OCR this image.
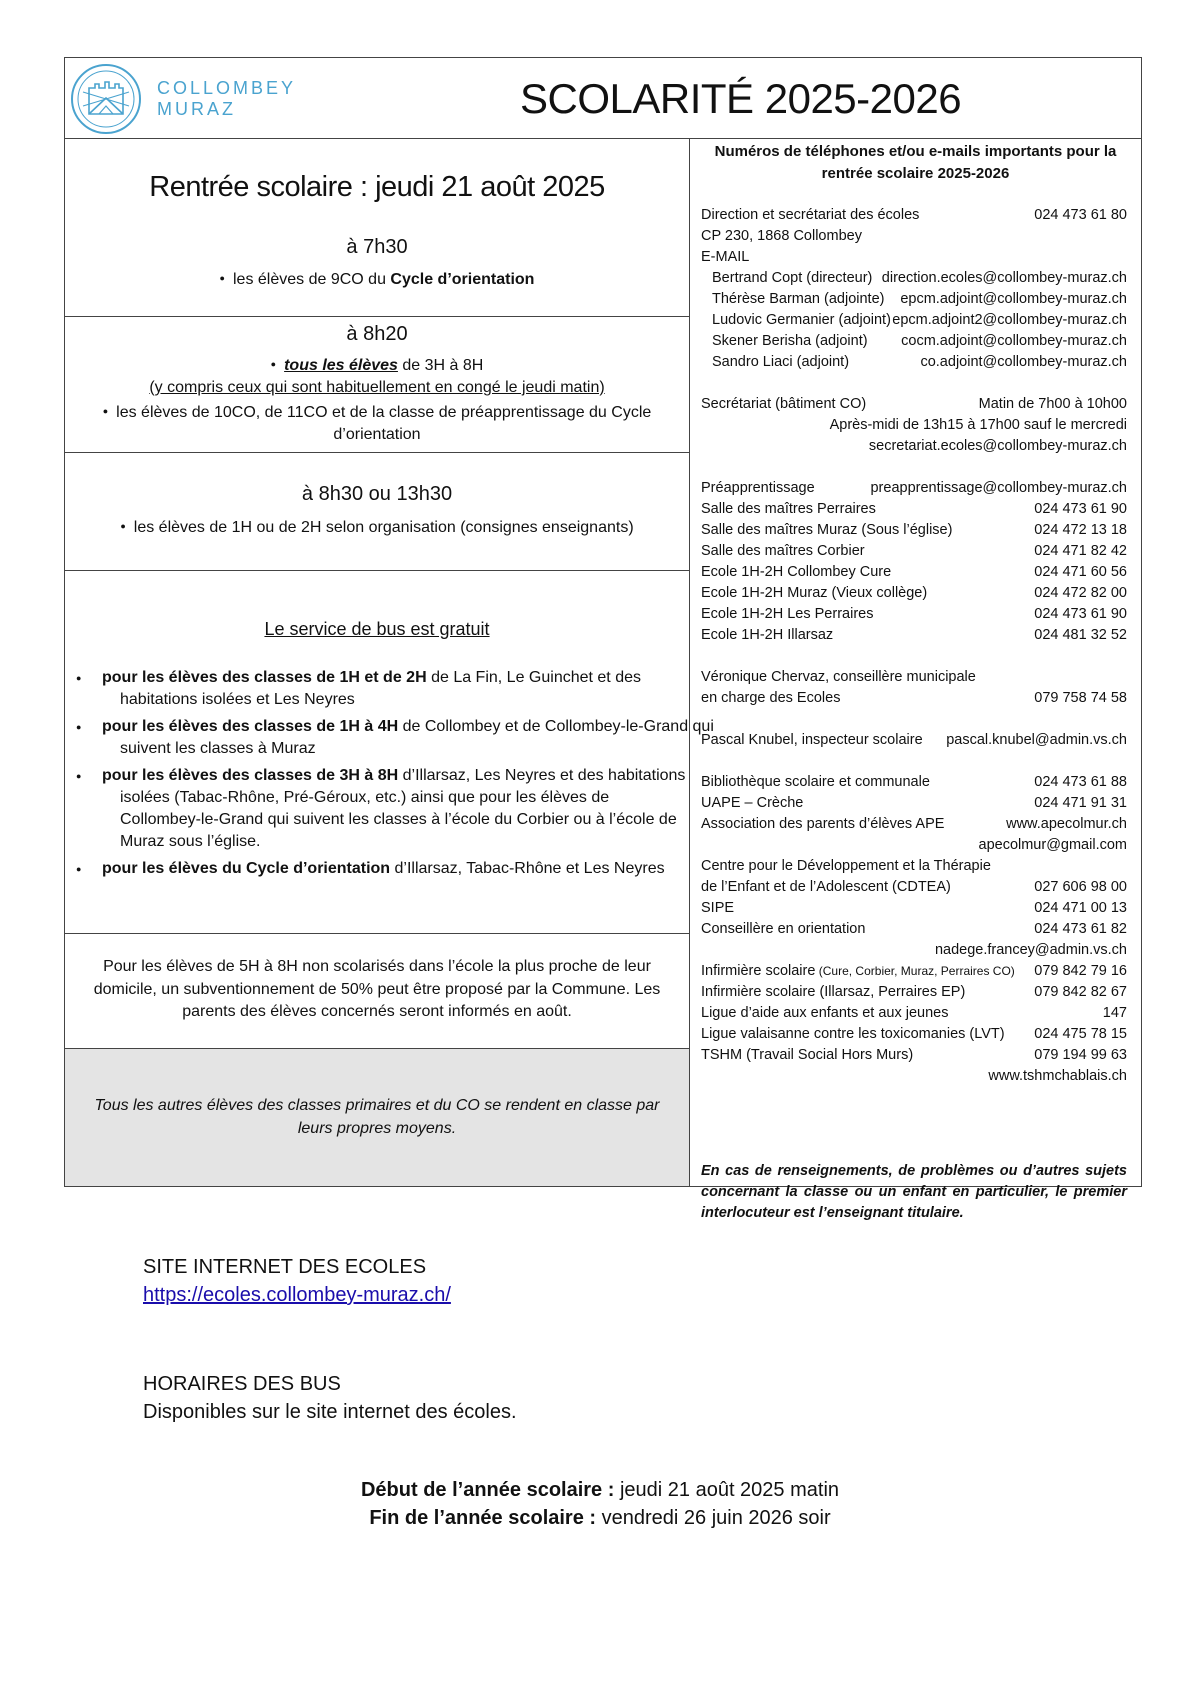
COLLOMBEY
MURAZ	SCOLARITÉ 2025-2026
Rentrée scolaire : jeudi 21 août 2025
à 7h30
● les élèves de 9CO du Cycle d’orientation
à 8h20
● tous les élèves de 3H à 8H
(y compris ceux qui sont habituellement en congé le jeudi matin)
● les élèves de 10CO, de 11CO et de la classe de préapprentissage du Cycle
d’orientation
à 8h30 ou 13h30
● les élèves de 1H ou de 2H selon organisation (consignes enseignants)
Le service de bus est gratuit
● pour les élèves des classes de 1H et de 2H de La Fin, Le Guinchet et des
habitations isolées et Les Neyres
● pour les élèves des classes de 1H à 4H de Collombey et de Collombey-le-Grand qui
suivent les classes à Muraz
● pour les élèves des classes de 3H à 8H d’Illarsaz, Les Neyres et des habitations
isolées (Tabac-Rhône, Pré-Géroux, etc.) ainsi que pour les élèves de Collombey-le-Grand qui suivent les classes à l’école du Corbier ou à l’école de Muraz sous l’église.
● pour les élèves du Cycle d’orientation d’Illarsaz, Tabac-Rhône et Les Neyres
Pour les élèves de 5H à 8H non scolarisés dans l’école la plus proche de leur domicile, un subventionnement de 50% peut être proposé par la Commune. Les parents des élèves concernés seront informés en août.
Tous les autres élèves des classes primaires et du CO se rendent en classe par leurs propres moyens.
Numéros de téléphones et/ou e-mails importants pour la
rentrée scolaire 2025-2026
Direction et secrétariat des écoles	024 473 61 80
CP 230, 1868 Collombey
E-MAIL
Bertrand Copt (directeur) direction.ecoles@collombey-muraz.ch
Thérèse Barman (adjointe) epcm.adjoint@collombey-muraz.ch
Ludovic Germanier (adjoint) epcm.adjoint2@collombey-muraz.ch
Skener Berisha (adjoint) cocm.adjoint@collombey-muraz.ch
Sandro Liaci (adjoint)	co.adjoint@collombey-muraz.ch
Secrétariat (bâtiment CO)	Matin de 7h00 à 10h00
Après-midi de 13h15 à 17h00 sauf le mercredi
secretariat.ecoles@collombey-muraz.ch
Préapprentissage	preapprentissage@collombey-muraz.ch
Salle des maîtres Perraires	024 473 61 90
Salle des maîtres Muraz (Sous l’église)	024 472 13 18
Salle des maîtres Corbier	024 471 82 42
Ecole 1H-2H Collombey Cure	024 471 60 56
Ecole 1H-2H Muraz (Vieux collège)	024 472 82 00
Ecole 1H-2H Les Perraires	024 473 61 90
Ecole 1H-2H Illarsaz	024 481 32 52
Véronique Chervaz, conseillère municipale
en charge des Ecoles	079 758 74 58
Pascal Knubel, inspecteur scolaire pascal.knubel@admin.vs.ch
Bibliothèque scolaire et communale	024 473 61 88
UAPE – Crèche	024 471 91 31
Association des parents d’élèves APE	www.apecolmur.ch
apecolmur@gmail.com
Centre pour le Développement et la Thérapie
de l’Enfant et de l’Adolescent (CDTEA)	027 606 98 00
SIPE	024 471 00 13
Conseillère en orientation	024 473 61 82
nadege.francey@admin.vs.ch
Infirmière scolaire (Cure, Corbier, Muraz, Perraires CO) 079 842 79 16
Infirmière scolaire (Illarsaz, Perraires EP)	079 842 82 67
Ligue d’aide aux enfants et aux jeunes	147
Ligue valaisanne contre les toxicomanies (LVT) 024 475 78 15
TSHM (Travail Social Hors Murs)	079 194 99 63
www.tshmchablais.ch
En cas de renseignements, de problèmes ou d’autres sujets
concernant la classe ou un enfant en particulier, le premier
interlocuteur est l’enseignant titulaire.
SITE INTERNET DES ECOLES
https://ecoles.collombey-muraz.ch/
HORAIRES DES BUS
Disponibles sur le site internet des écoles.
Début de l’année scolaire : jeudi 21 août 2025 matin
Fin de l’année scolaire : vendredi 26 juin 2026 soir
